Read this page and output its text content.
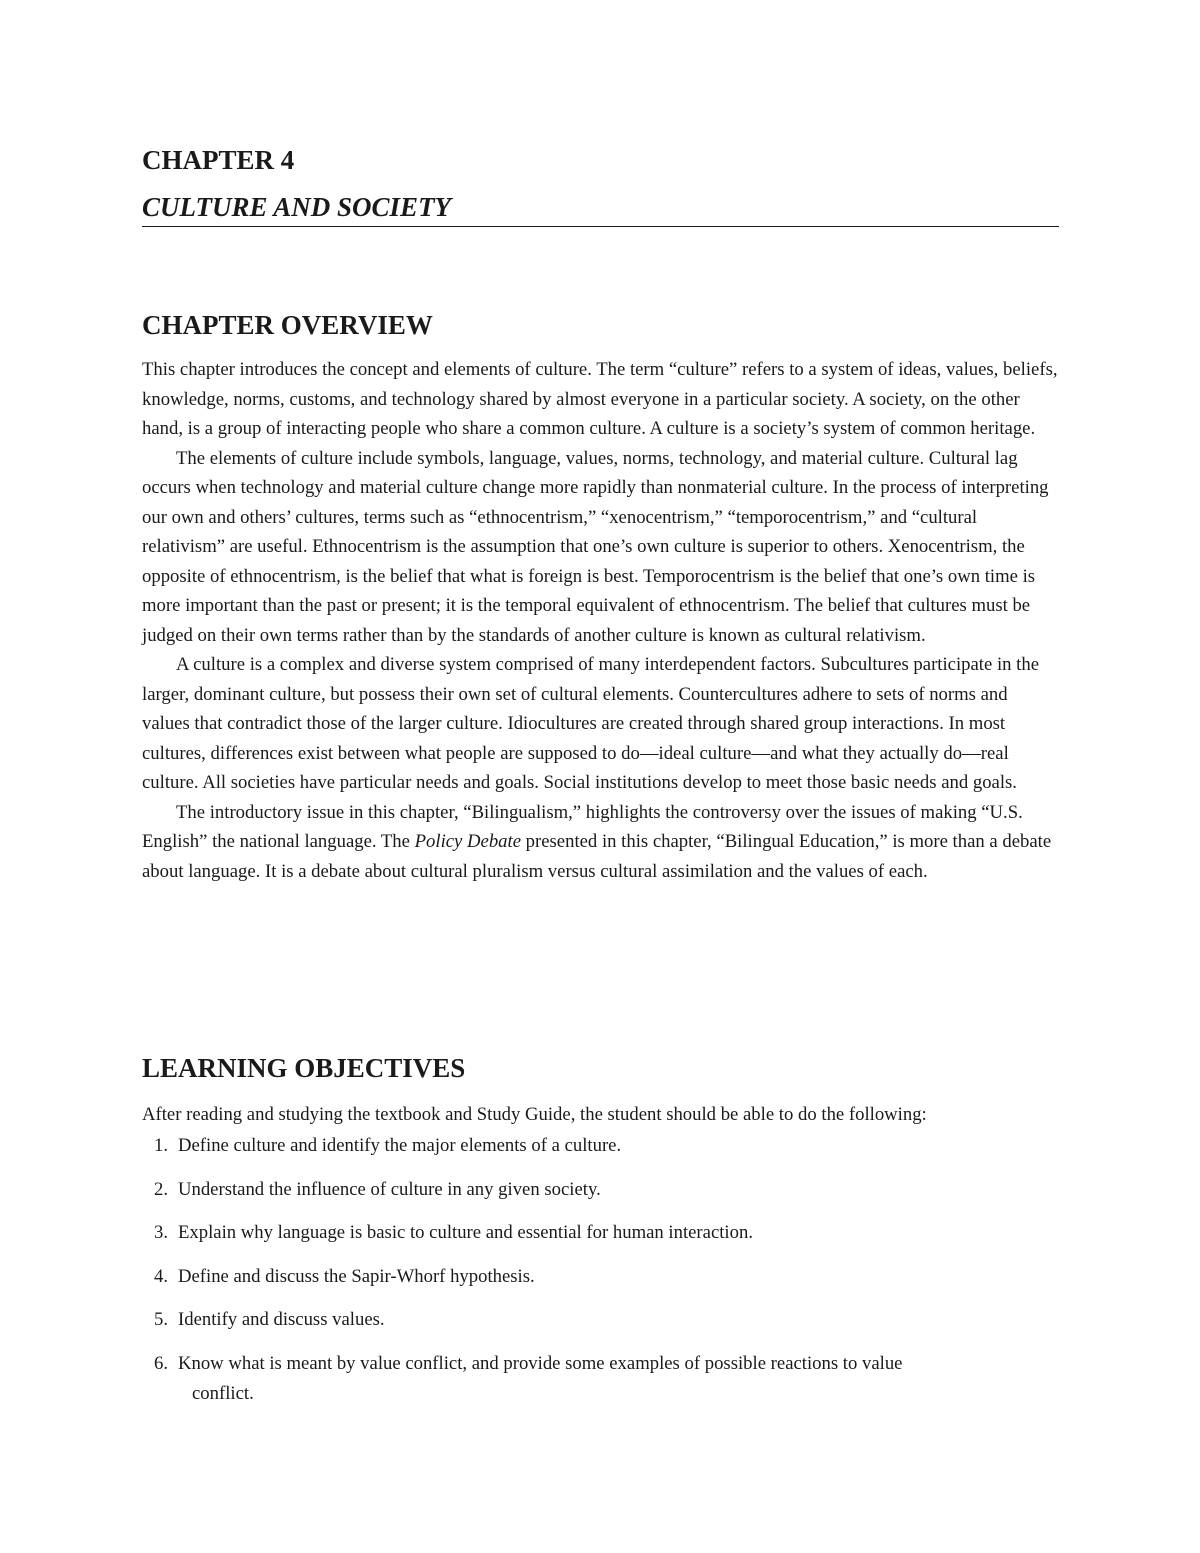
CHAPTER 4
CULTURE AND SOCIETY
CHAPTER OVERVIEW

This chapter introduces the concept and elements of culture. The term “culture” refers to a system of ideas, values, beliefs, knowledge, norms, customs, and technology shared by almost everyone in a particular society. A society, on the other hand, is a group of interacting people who share a common culture. A culture is a society’s system of common heritage.

The elements of culture include symbols, language, values, norms, technology, and material culture. Cultural lag occurs when technology and material culture change more rapidly than nonmaterial culture. In the process of interpreting our own and others’ cultures, terms such as “ethnocentrism,” “xenocentrism,” “temporocentrism,” and “cultural relativism” are useful. Ethnocentrism is the assumption that one’s own culture is superior to others. Xenocentrism, the opposite of ethnocentrism, is the belief that what is foreign is best. Temporocentrism is the belief that one’s own time is more important than the past or present; it is the temporal equivalent of ethnocentrism. The belief that cultures must be judged on their own terms rather than by the standards of another culture is known as cultural relativism.

A culture is a complex and diverse system comprised of many interdependent factors. Subcultures participate in the larger, dominant culture, but possess their own set of cultural elements. Countercultures adhere to sets of norms and values that contradict those of the larger culture. Idiocultures are created through shared group interactions. In most cultures, differences exist between what people are supposed to do—ideal culture—and what they actually do—real culture. All societies have particular needs and goals. Social institutions develop to meet those basic needs and goals.

The introductory issue in this chapter, “Bilingualism,” highlights the controversy over the issues of making “U.S. English” the national language. The Policy Debate presented in this chapter, “Bilingual Education,” is more than a debate about language. It is a debate about cultural pluralism versus cultural assimilation and the values of each.

LEARNING OBJECTIVES

After reading and studying the textbook and Study Guide, the student should be able to do the following:

1. Define culture and identify the major elements of a culture.
2. Understand the influence of culture in any given society.
3. Explain why language is basic to culture and essential for human interaction.
4. Define and discuss the Sapir-Whorf hypothesis.
5. Identify and discuss values.
6. Know what is meant by value conflict, and provide some examples of possible reactions to value
conflict.
